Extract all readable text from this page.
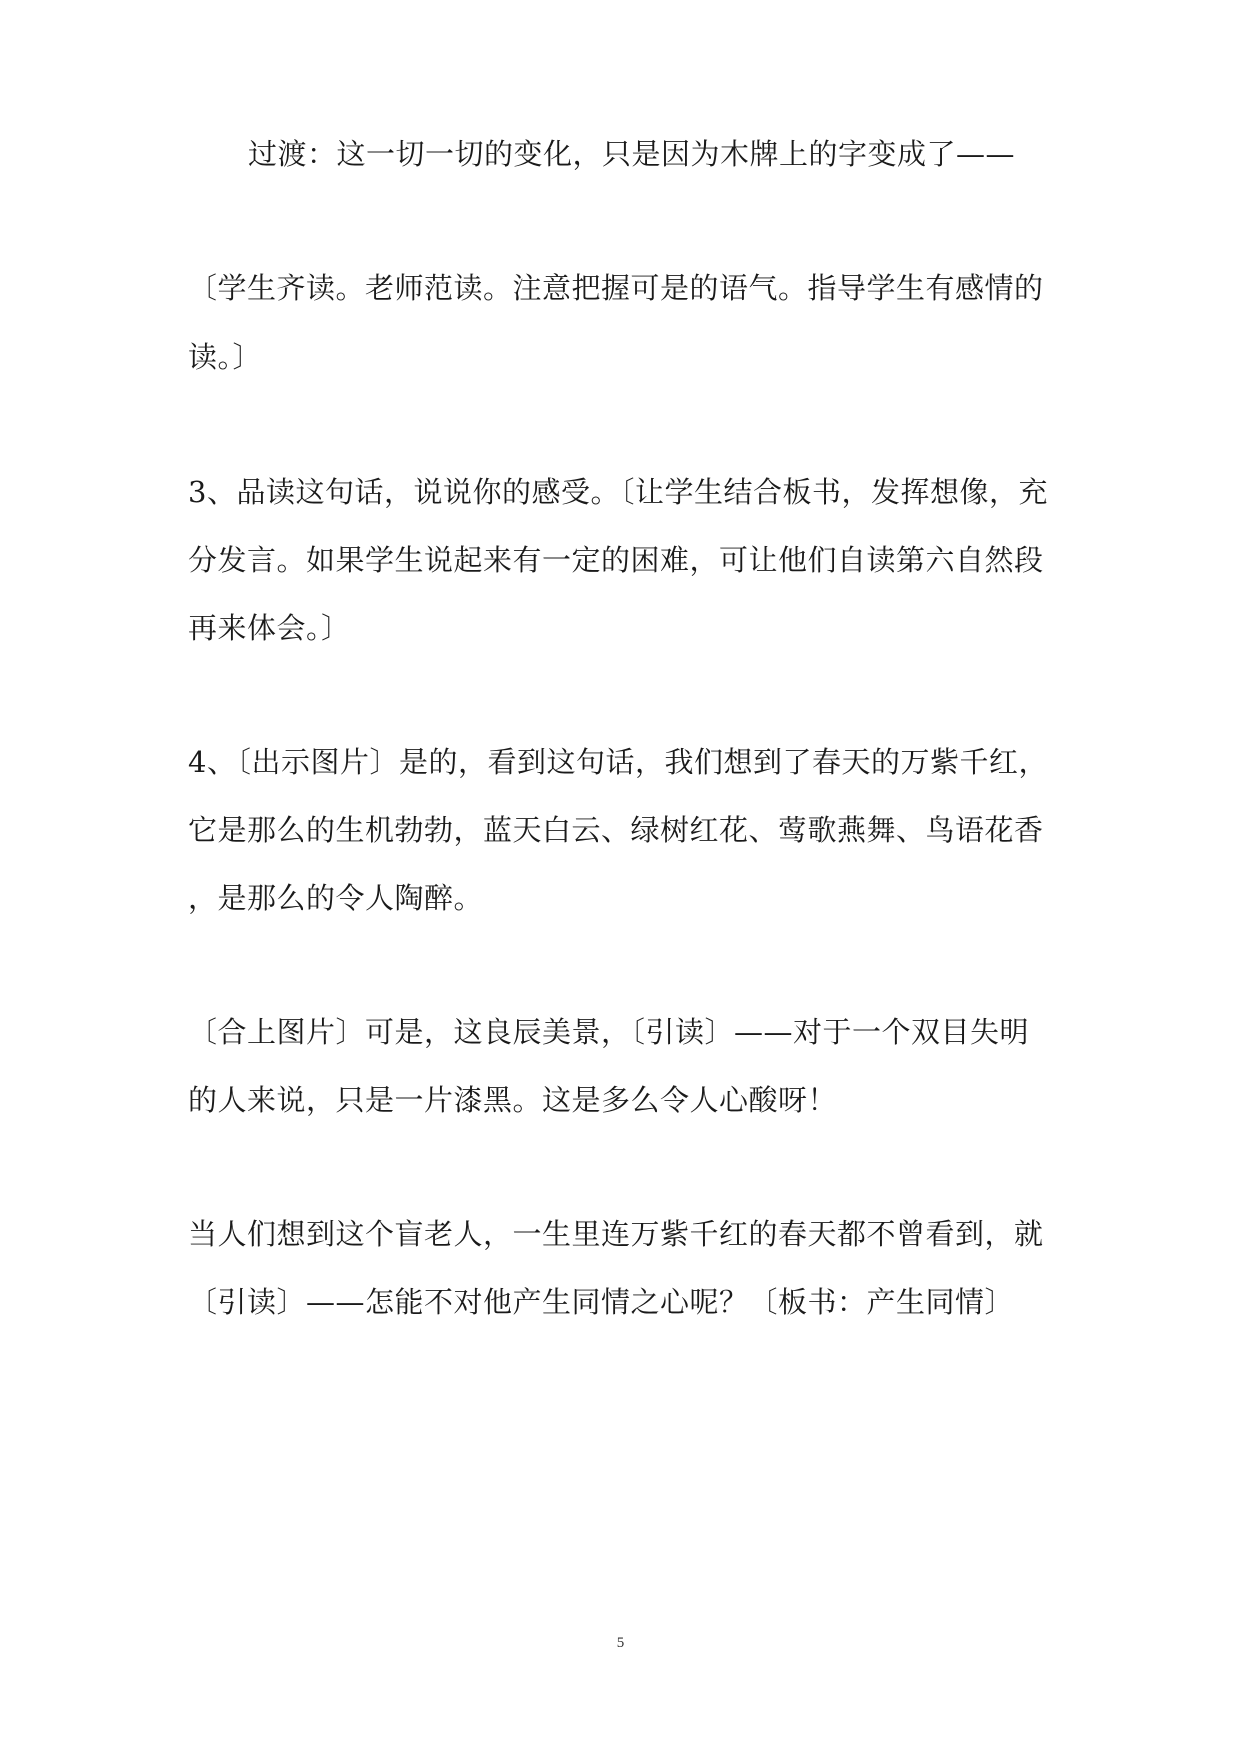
过渡：这一切一切的变化，只是因为木牌上的字变成了——
〔学生齐读。老师范读。注意把握可是的语气。指导学生有感情的
读。〕
3、品读这句话，说说你的感受。〔让学生结合板书，发挥想像，充
分发言。如果学生说起来有一定的困难，可让他们自读第六自然段
再来体会。〕
4、〔出示图片〕是的，看到这句话，我们想到了春天的万紫千红，
它是那么的生机勃勃，蓝天白云、绿树红花、莺歌燕舞、鸟语花香
，是那么的令人陶醉。
〔合上图片〕可是，这良辰美景，〔引读〕——对于一个双目失明
的人来说，只是一片漆黑。这是多么令人心酸呀！
当人们想到这个盲老人，一生里连万紫千红的春天都不曾看到，就
〔引读〕——怎能不对他产生同情之心呢？〔板书：产生同情〕
5
